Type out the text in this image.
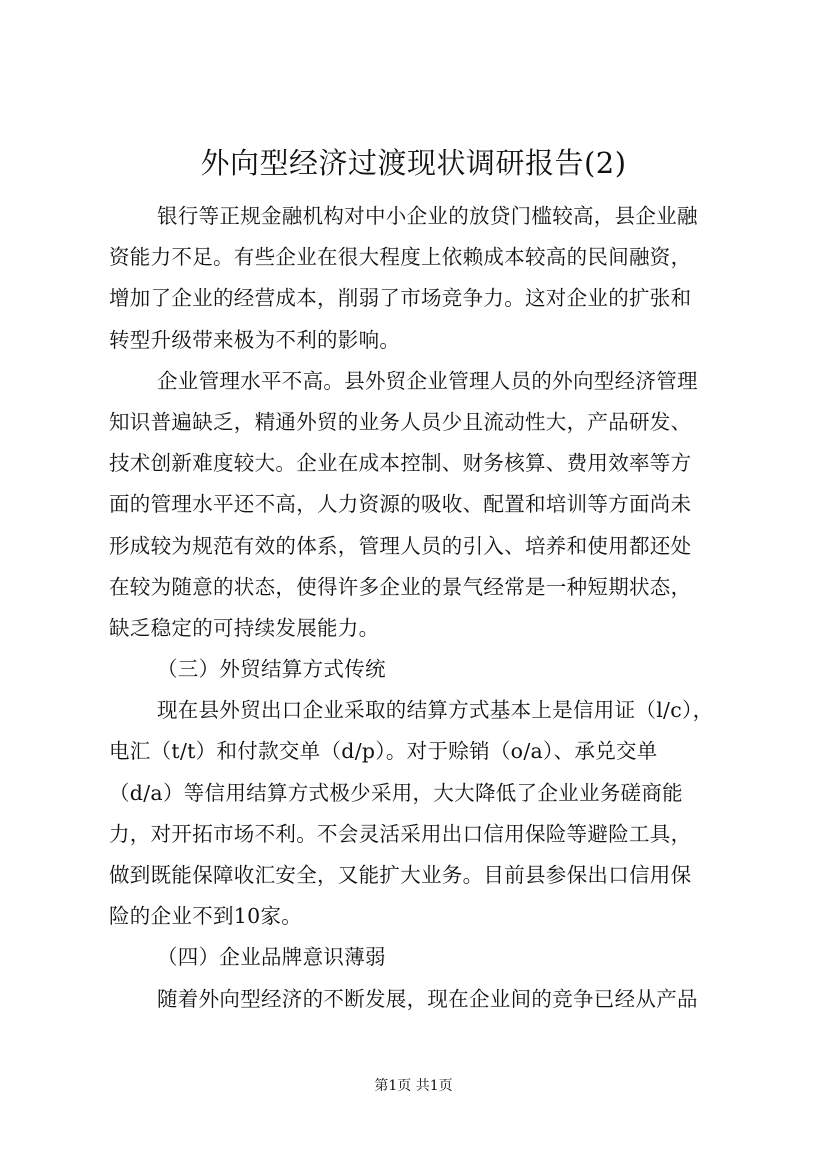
外向型经济过渡现状调研报告(2)
银行等正规金融机构对中小企业的放贷门槛较高，县企业融
资能力不足。有些企业在很大程度上依赖成本较高的民间融资，
增加了企业的经营成本，削弱了市场竞争力。这对企业的扩张和
转型升级带来极为不利的影响。
企业管理水平不高。县外贸企业管理人员的外向型经济管理
知识普遍缺乏，精通外贸的业务人员少且流动性大，产品研发、
技术创新难度较大。企业在成本控制、财务核算、费用效率等方
面的管理水平还不高，人力资源的吸收、配置和培训等方面尚未
形成较为规范有效的体系，管理人员的引入、培养和使用都还处
在较为随意的状态，使得许多企业的景气经常是一种短期状态，
缺乏稳定的可持续发展能力。
（三）外贸结算方式传统
现在县外贸出口企业采取的结算方式基本上是信用证（l/c），
电汇（t/t）和付款交单（d/p）。对于赊销（o/a）、承兑交单
（d/a）等信用结算方式极少采用，大大降低了企业业务磋商能
力，对开拓市场不利。不会灵活采用出口信用保险等避险工具，
做到既能保障收汇安全，又能扩大业务。目前县参保出口信用保
险的企业不到10家。
（四）企业品牌意识薄弱
随着外向型经济的不断发展，现在企业间的竞争已经从产品
第1页 共1页
